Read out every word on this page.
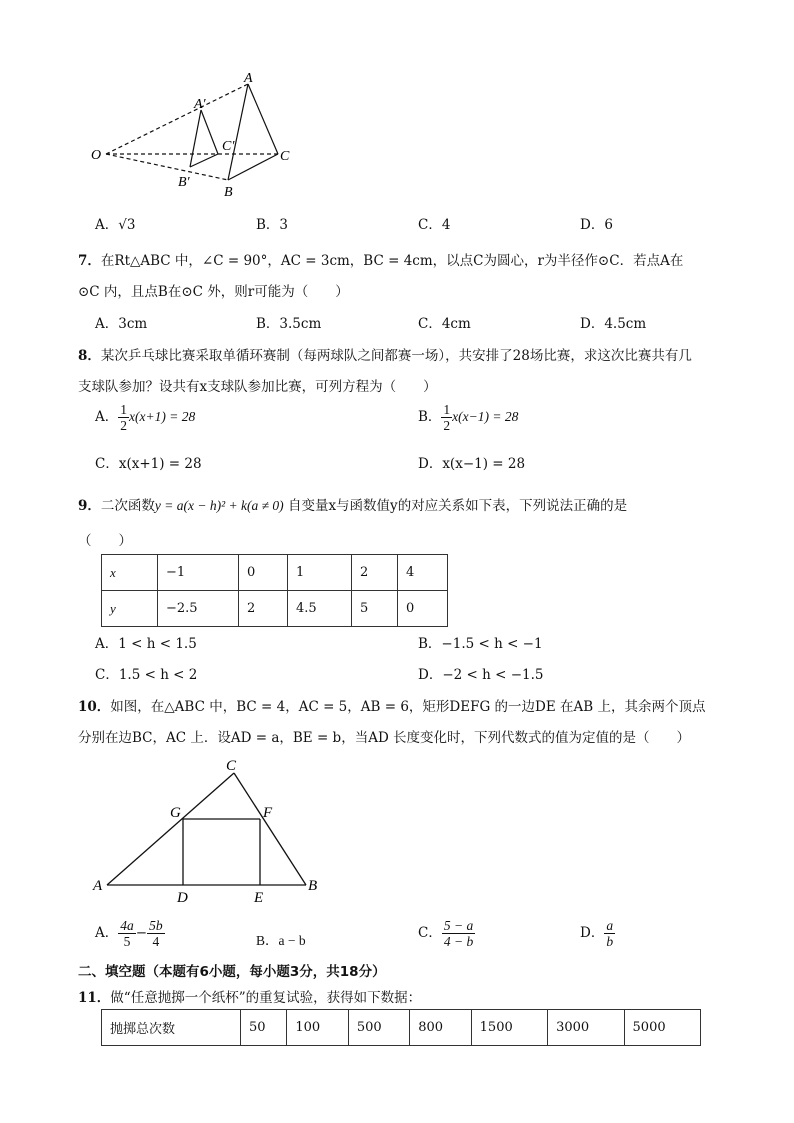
O
A
A′
C′
C
B′
B
A．√3	B．3	C．4	D．6
7．在Rt△ABC 中，∠C = 90°，AC = 3cm，BC = 4cm，以点C为圆心，r为半径作⊙C．若点A在
⊙C 内，且点B在⊙C 外，则r可能为（　　）
A．3cm	B．3.5cm	C．4cm	D．4.5cm
8．某次乒乓球比赛采取单循环赛制（每两球队之间都赛一场），共安排了28场比赛，求这次比赛共有几
支球队参加？设共有x支球队参加比赛，可列方程为（　　）
A． $\frac{1}{2} x(x+1) = 28$	B． $\frac{1}{2} x(x-1) = 28$
C．x(x+1) = 28	D．x(x−1) = 28
9．二次函数y = a(x − h)² + k(a ≠ 0) 自变量x与函数值y的对应关系如下表，下列说法正确的是
（　　）
x	−1	0	1	2	4
y	−2.5	2	4.5	5	0
A．1 < h < 1.5	B．−1.5 < h < −1
C．1.5 < h < 2	D．−2 < h < −1.5
10．如图，在△ABC 中，BC = 4，AC = 5，AB = 6，矩形DEFG 的一边DE 在AB 上，其余两个顶点
分别在边BC，AC 上．设AD = a，BE = b，当AD 长度变化时，下列代数式的值为定值的是（　　）
C
G	F
A
D	E
B
A． $\frac{4a}{5} - \frac{5b}{4}$	B．a − b	C． $\frac{5 - a}{4 - b}$	D． $\frac{a}{b}$
二、填空题（本题有6小题，每小题3分，共18分）
11．做“任意抛掷一个纸杯”的重复试验，获得如下数据：
抛掷总次数	50	100	500	800	1500	3000	5000
